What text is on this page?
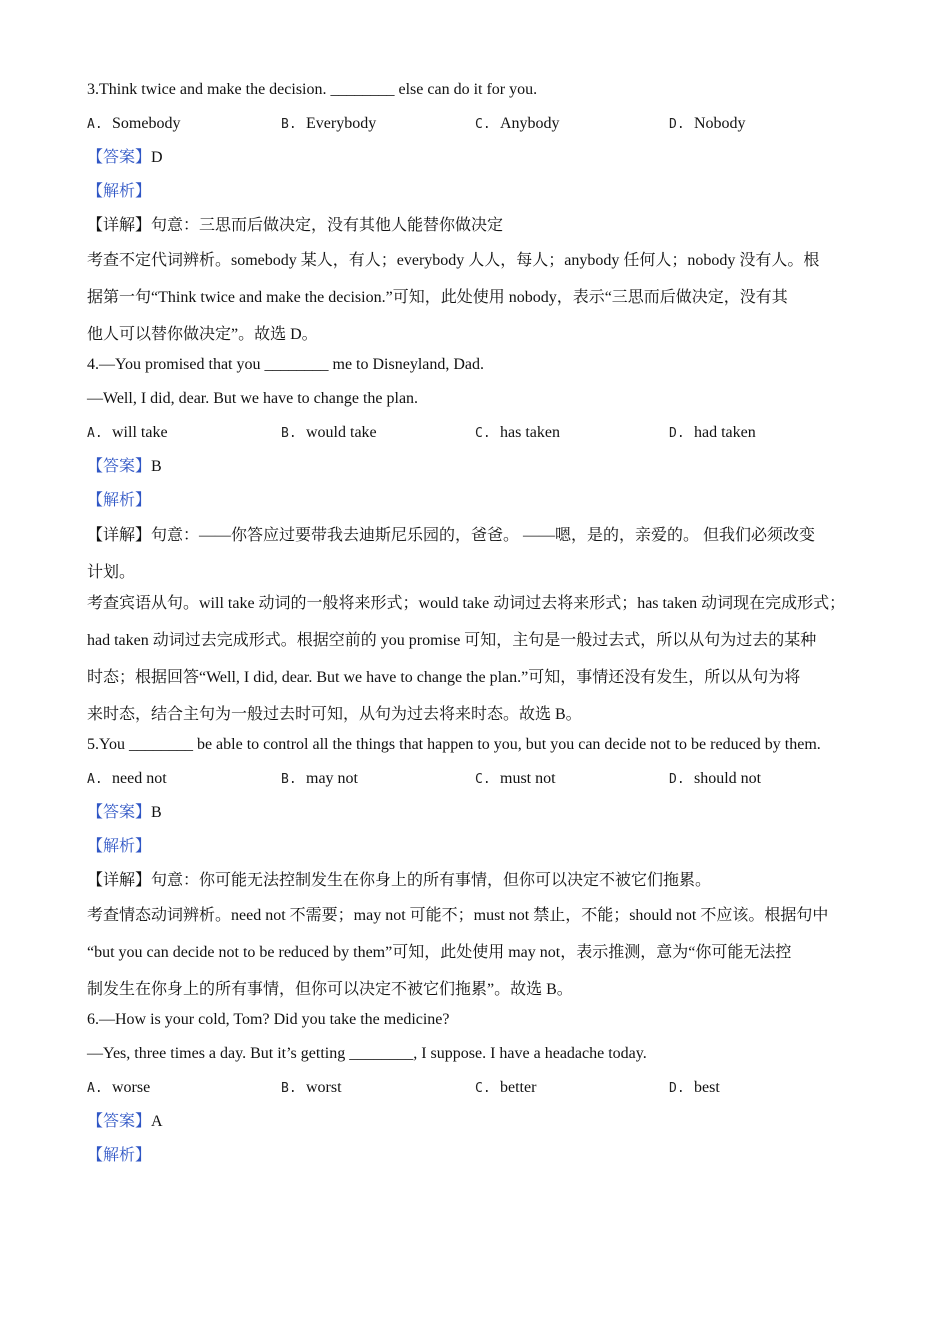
3.Think twice and make the decision. ________ else can do it for you.
A. Somebody	B. Everybody	C. Anybody	D. Nobody
【答案】D
【解析】
【详解】句意：三思而后做决定，没有其他人能替你做决定
考查不定代词辨析。somebody 某人，有人；everybody 人人，每人；anybody 任何人；nobody 没有人。根
据第一句“Think twice and make the decision.”可知，此处使用 nobody，表示“三思而后做决定，没有其
他人可以替你做决定”。故选 D。
4.—You promised that you ________ me to Disneyland, Dad.
—Well, I did, dear. But we have to change the plan.
A. will take	B. would take	C. has taken	D. had taken
【答案】B
【解析】
【详解】句意：——你答应过要带我去迪斯尼乐园的，爸爸。 ——嗯，是的，亲爱的。 但我们必须改变
计划。
考查宾语从句。will take 动词的一般将来形式；would take 动词过去将来形式；has taken 动词现在完成形式；
had taken 动词过去完成形式。根据空前的 you promise 可知，主句是一般过去式，所以从句为过去的某种
时态；根据回答“Well, I did, dear. But we have to change the plan.”可知，事情还没有发生，所以从句为将
来时态，结合主句为一般过去时可知，从句为过去将来时态。故选 B。
5.You ________ be able to control all the things that happen to you, but you can decide not to be reduced by them.
A. need not	B. may not	C. must not	D. should not
【答案】B
【解析】
【详解】句意：你可能无法控制发生在你身上的所有事情，但你可以决定不被它们拖累。
考查情态动词辨析。need not 不需要；may not 可能不；must not 禁止，不能；should not 不应该。根据句中
“but you can decide not to be reduced by them”可知，此处使用 may not，表示推测，意为“你可能无法控
制发生在你身上的所有事情，但你可以决定不被它们拖累”。故选 B。
6.—How is your cold, Tom? Did you take the medicine?
—Yes, three times a day. But it’s getting ________, I suppose. I have a headache today.
A. worse	B. worst	C. better	D. best
【答案】A
【解析】
